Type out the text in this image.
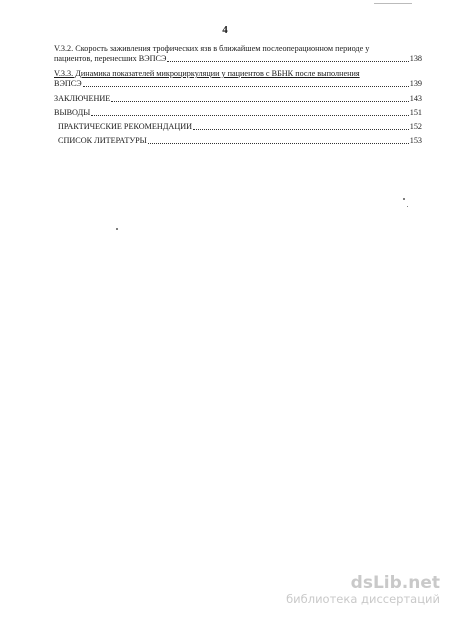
4
V.3.2. Скорость заживления трофических язв в ближайшем послеоперационном периоде у
пациентов, перенесших ВЭПСЭ	138
V.3.3. Динамика показателей микроциркуляции у пациентов с ВБНК после выполнения
ВЭПСЭ	139
ЗАКЛЮЧЕНИЕ	143
ВЫВОДЫ	151
ПРАКТИЧЕСКИЕ РЕКОМЕНДАЦИИ	152
СПИСОК ЛИТЕРАТУРЫ	153
dsLib.net
библиотека диссертаций
